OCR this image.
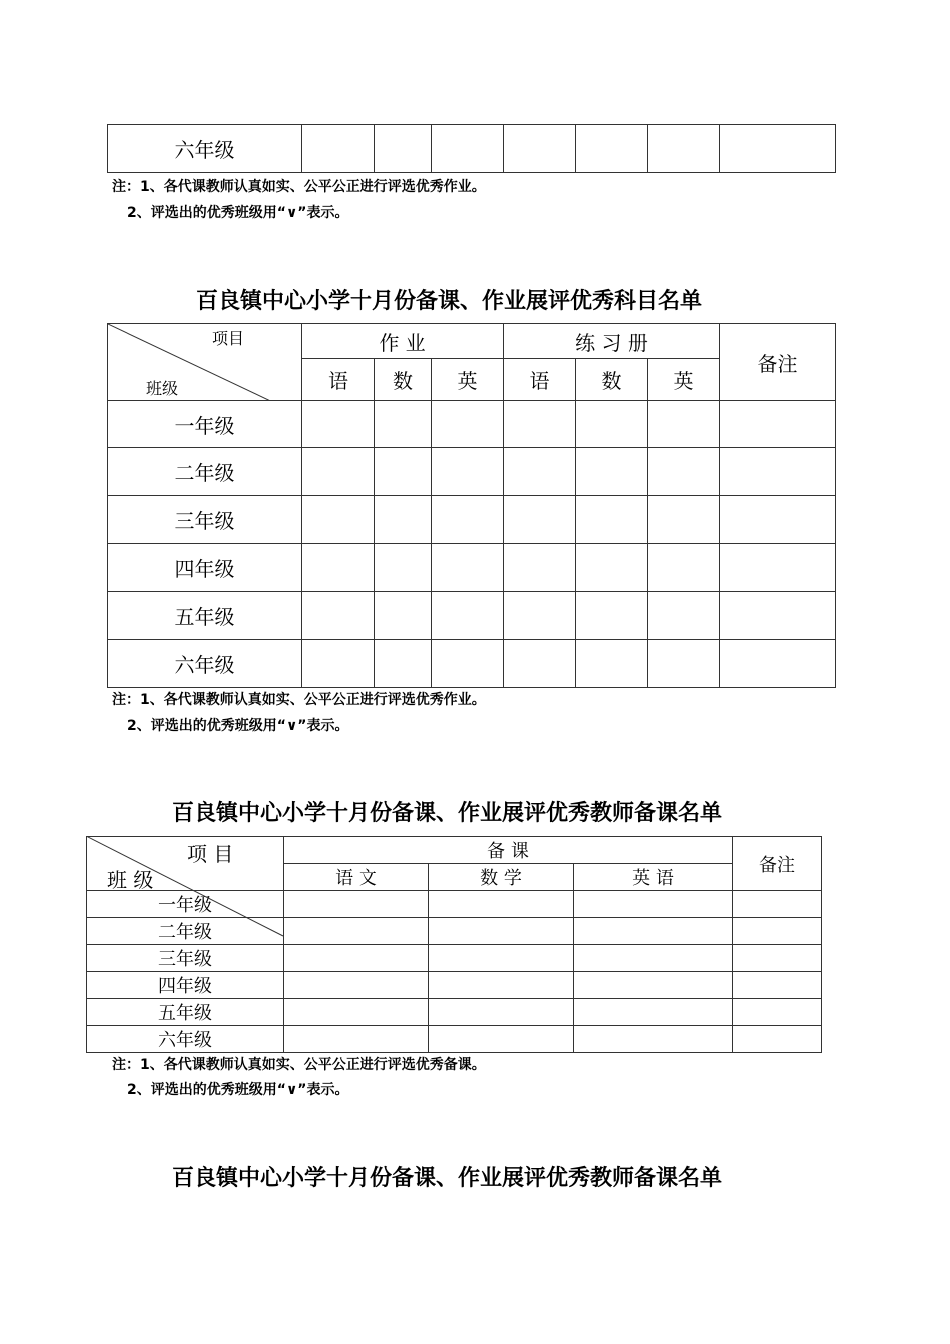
六年级							
注：1、各代课教师认真如实、公平公正进行评选优秀作业。
2、评选出的优秀班级用“∨”表示。
百良镇中心小学十月份备课、作业展评优秀科目名单
项目
班级	作 业			练 习 册			备注
	语	数	英	语	数	英	
一年级							
二年级							
三年级							
四年级							
五年级							
六年级							
注：1、各代课教师认真如实、公平公正进行评选优秀作业。
2、评选出的优秀班级用“∨”表示。
百良镇中心小学十月份备课、作业展评优秀教师备课名单
项 目
班 级	备 课			备注
	语 文	数 学	英 语	
一年级				
二年级				
三年级				
四年级				
五年级				
六年级				
注：1、各代课教师认真如实、公平公正进行评选优秀备课。
2、评选出的优秀班级用“∨”表示。
百良镇中心小学十月份备课、作业展评优秀教师备课名单
